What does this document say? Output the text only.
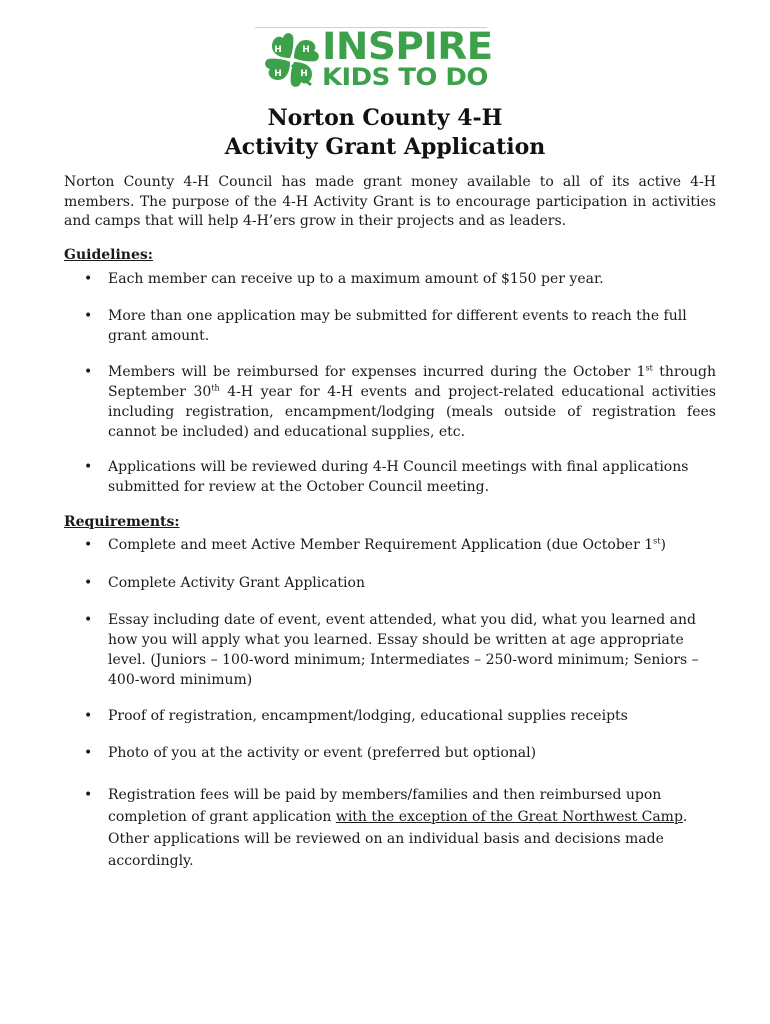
H H
H
H
INSPIRE
KIDS TO DO
Norton County 4-H
Activity Grant Application

Norton County 4-H Council has made grant money available to all of its active 4-H members. The purpose of the 4-H Activity Grant is to encourage participation in activities and camps that will help 4-H’ers grow in their projects and as leaders.

Guidelines:
• Each member can receive up to a maximum amount of $150 per year.
• More than one application may be submitted for different events to reach the full grant amount.
• Members will be reimbursed for expenses incurred during the October 1st through September 30th 4-H year for 4-H events and project-related educational activities including registration, encampment/lodging (meals outside of registration fees cannot be included) and educational supplies, etc.
• Applications will be reviewed during 4-H Council meetings with final applications submitted for review at the October Council meeting.
Requirements:
• Complete and meet Active Member Requirement Application (due October 1st)
• Complete Activity Grant Application
• Essay including date of event, event attended, what you did, what you learned and how you will apply what you learned. Essay should be written at age appropriate level. (Juniors – 100-word minimum; Intermediates – 250-word minimum; Seniors – 400-word minimum)
• Proof of registration, encampment/lodging, educational supplies receipts
• Photo of you at the activity or event (preferred but optional)
• Registration fees will be paid by members/families and then reimbursed upon completion of grant application with the exception of the Great Northwest Camp. Other applications will be reviewed on an individual basis and decisions made accordingly.
